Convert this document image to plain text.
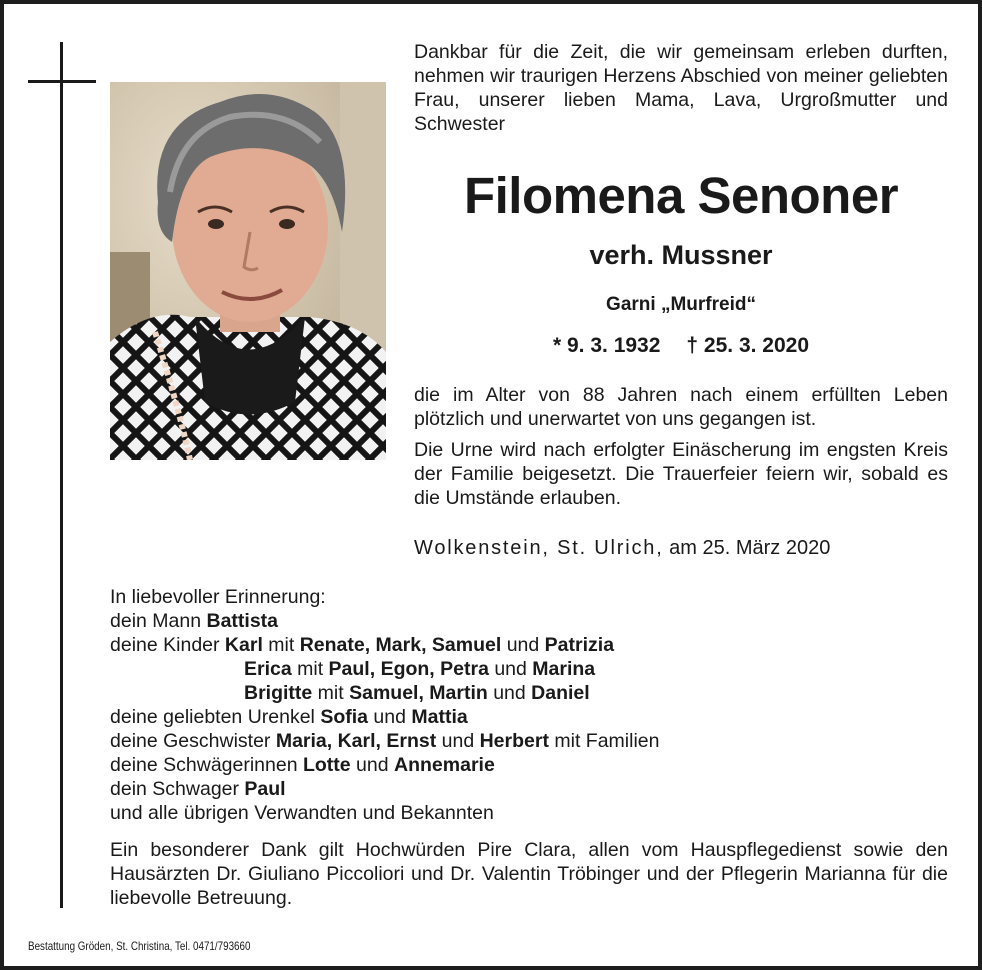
Dankbar für die Zeit, die wir gemeinsam erleben durften, nehmen wir traurigen Herzens Abschied von meiner geliebten Frau, unserer lieben Mama, Lava, Urgroßmutter und Schwester
Filomena Senoner
verh. Mussner
Garni „Murfreid“
* 9. 3. 1932 † 25. 3. 2020
die im Alter von 88 Jahren nach einem erfüllten Leben plötzlich und unerwartet von uns gegangen ist.
Die Urne wird nach erfolgter Einäscherung im engsten Kreis der Familie beigesetzt. Die Trauerfeier feiern wir, sobald es die Umstände erlauben.
Wolkenstein, St. Ulrich, am 25. März 2020
In liebevoller Erinnerung:
dein Mann Battista
deine Kinder Karl mit Renate, Mark, Samuel und Patrizia
Erica mit Paul, Egon, Petra und Marina
Brigitte mit Samuel, Martin und Daniel
deine geliebten Urenkel Sofia und Mattia
deine Geschwister Maria, Karl, Ernst und Herbert mit Familien
deine Schwägerinnen Lotte und Annemarie
dein Schwager Paul
und alle übrigen Verwandten und Bekannten
Ein besonderer Dank gilt Hochwürden Pire Clara, allen vom Hauspflegedienst sowie den Hausärzten Dr. Giuliano Piccoliori und Dr. Valentin Tröbinger und der Pflegerin Marianna für die liebevolle Betreuung.
Bestattung Gröden, St. Christina, Tel. 0471/793660
